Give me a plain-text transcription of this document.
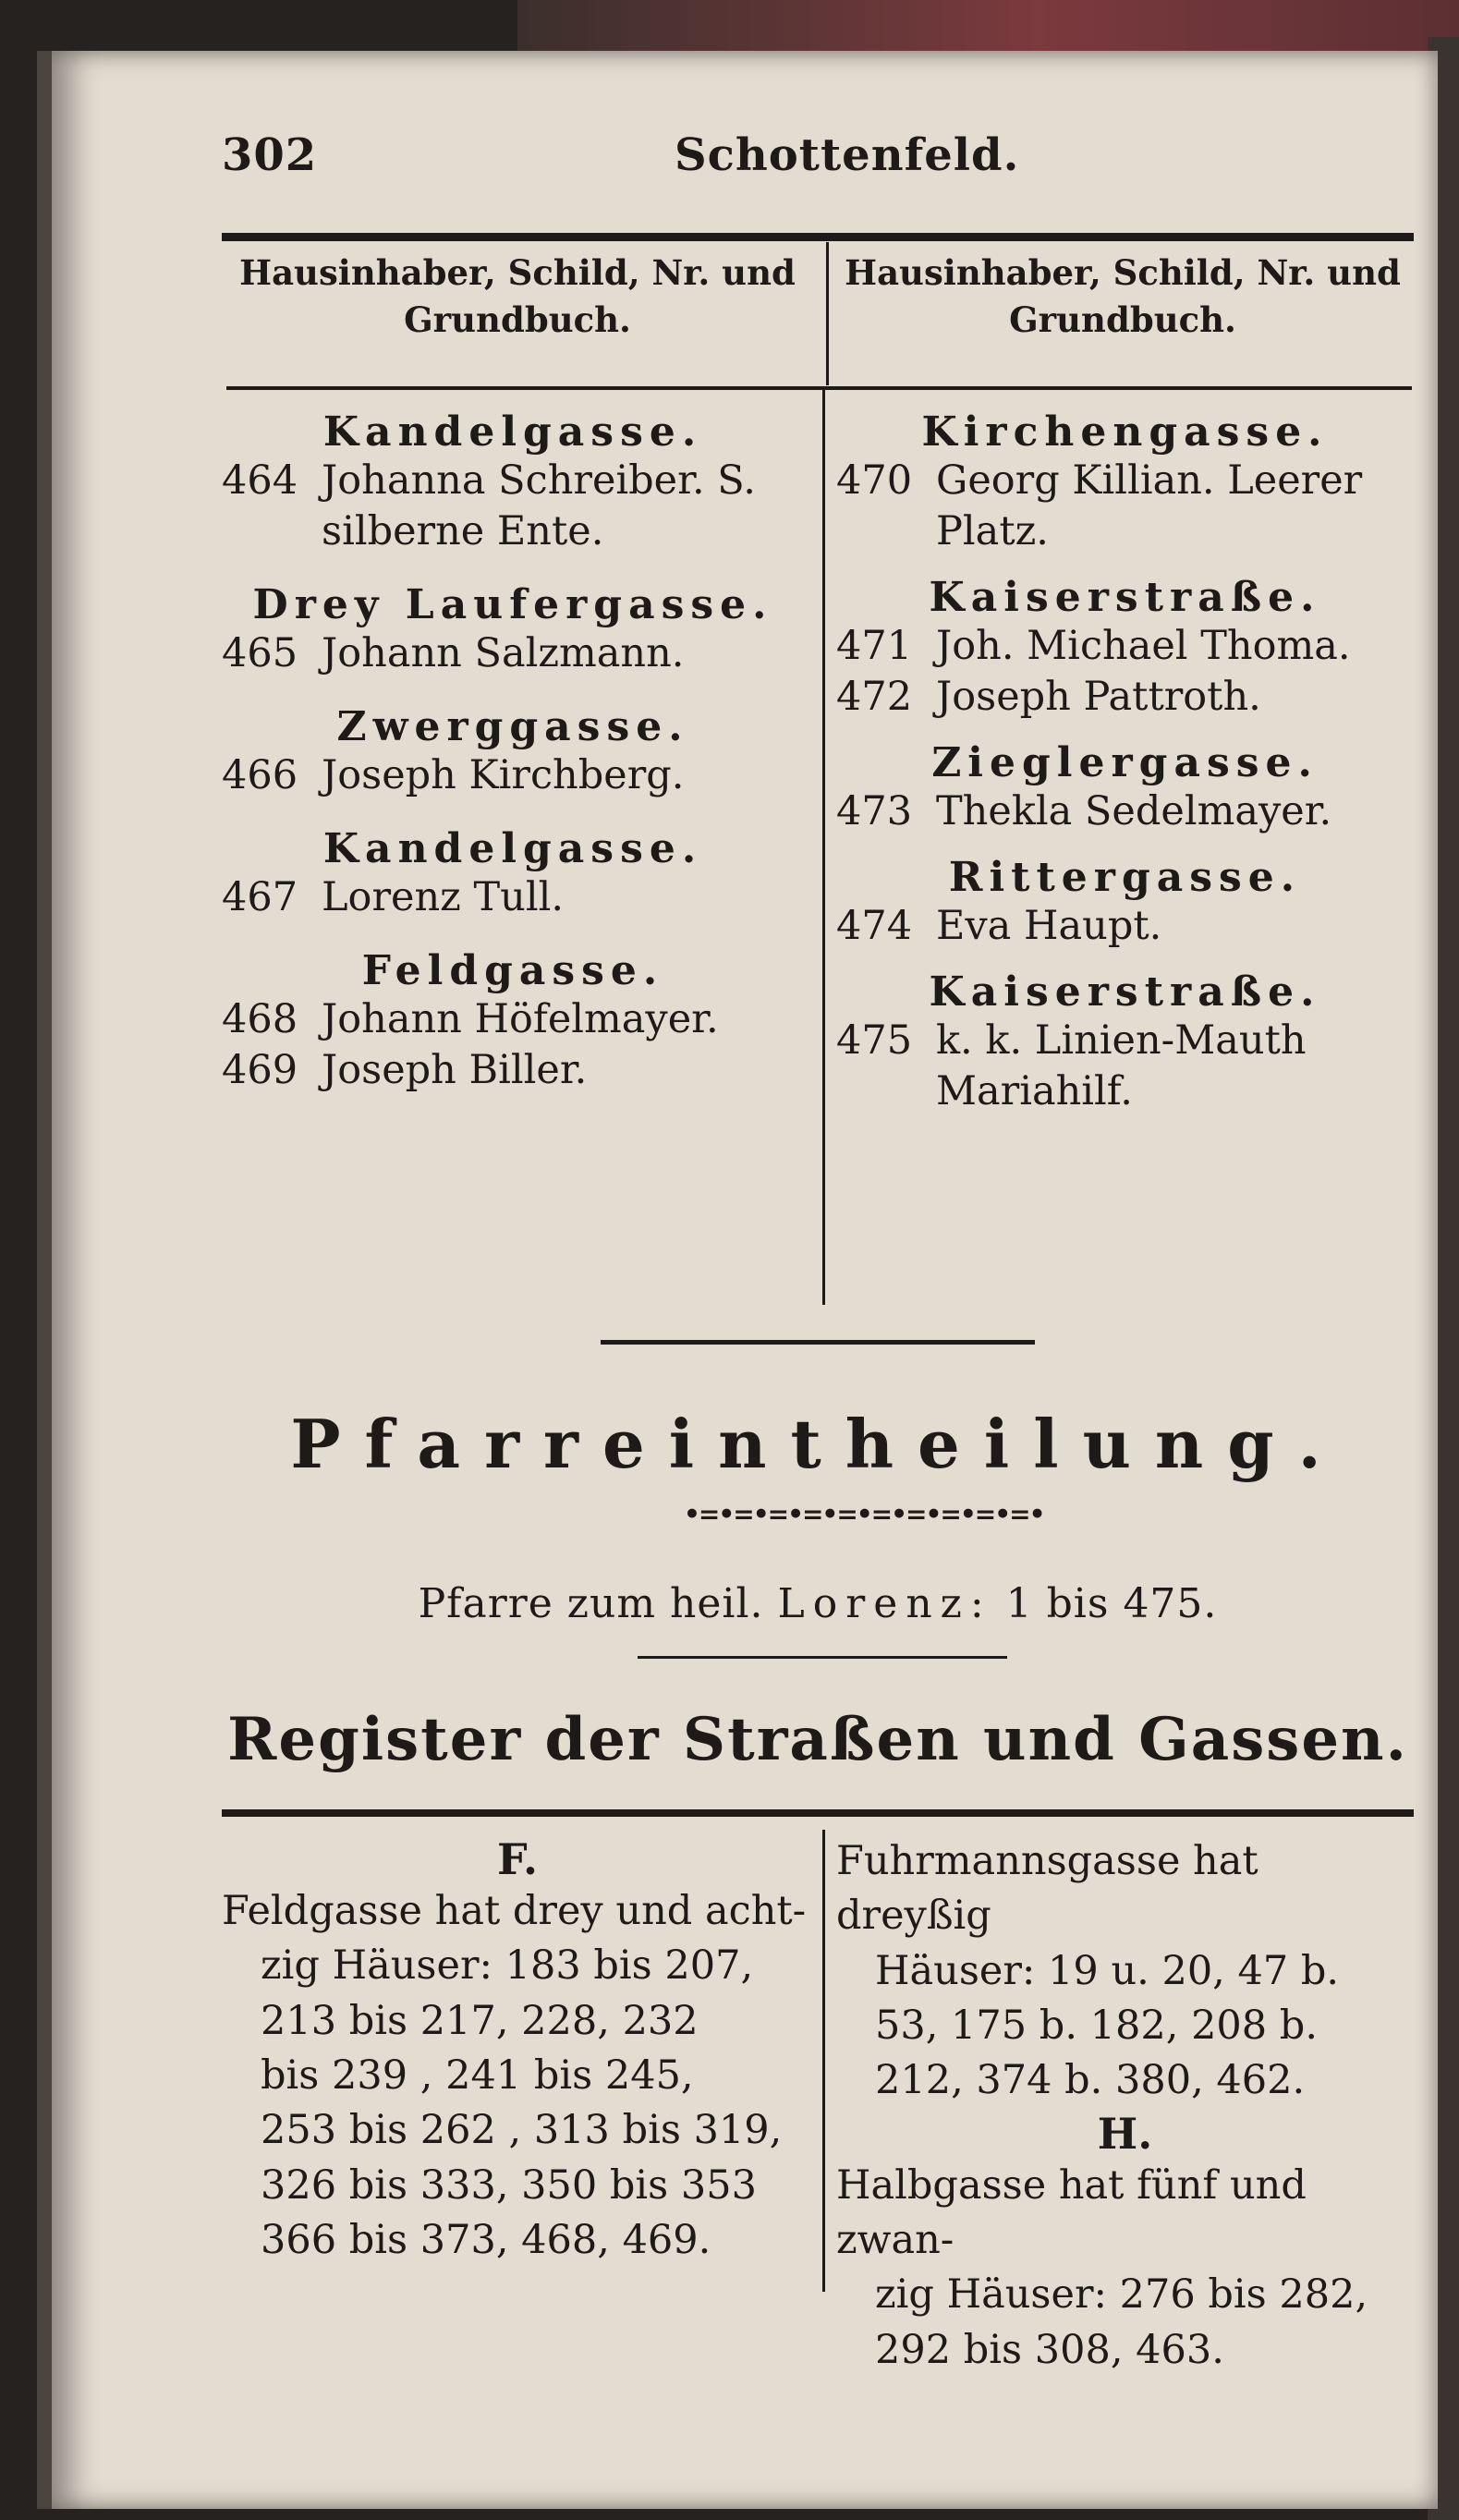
302	Schottenfeld.
Hausinhaber, Schild, Nr. und Grundbuch.
Hausinhaber, Schild, Nr. und Grundbuch.
Kandelgasse.
464 Johanna Schreiber. S. silberne Ente.
Drey Laufergasse.
465 Johann Salzmann.
Zwerggasse.
466 Joseph Kirchberg.
Kandelgasse.
467 Lorenz Tull.
Feldgasse.
468 Johann Höfelmayer.
469 Joseph Biller.
Kirchengasse.
470 Georg Killian. Leerer Platz.
Kaiserstraße.
471 Joh. Michael Thoma.
472 Joseph Pattroth.
Zieglergasse.
473 Thekla Sedelmayer.
Rittergasse.
474 Eva Haupt.
Kaiserstraße.
475 k. k. Linien-Mauth Mariahilf.
Pfarreintheilung.
•=•=•=•=•=•=•=•=•=•=•
Pfarre zum heil. Lorenz: 1 bis 475.
Register der Straßen und Gassen.
F.
Feldgasse hat drey und acht-
zig Häuser: 183 bis 207,
213 bis 217, 228, 232
bis 239 , 241 bis 245,
253 bis 262 , 313 bis 319,
326 bis 333, 350 bis 353
366 bis 373, 468, 469.
Fuhrmannsgasse hat dreyßig
Häuser: 19 u. 20, 47 b.
53, 175 b. 182, 208 b.
212, 374 b. 380, 462.
H.
Halbgasse hat fünf und zwan-
zig Häuser: 276 bis 282,
292 bis 308, 463.
